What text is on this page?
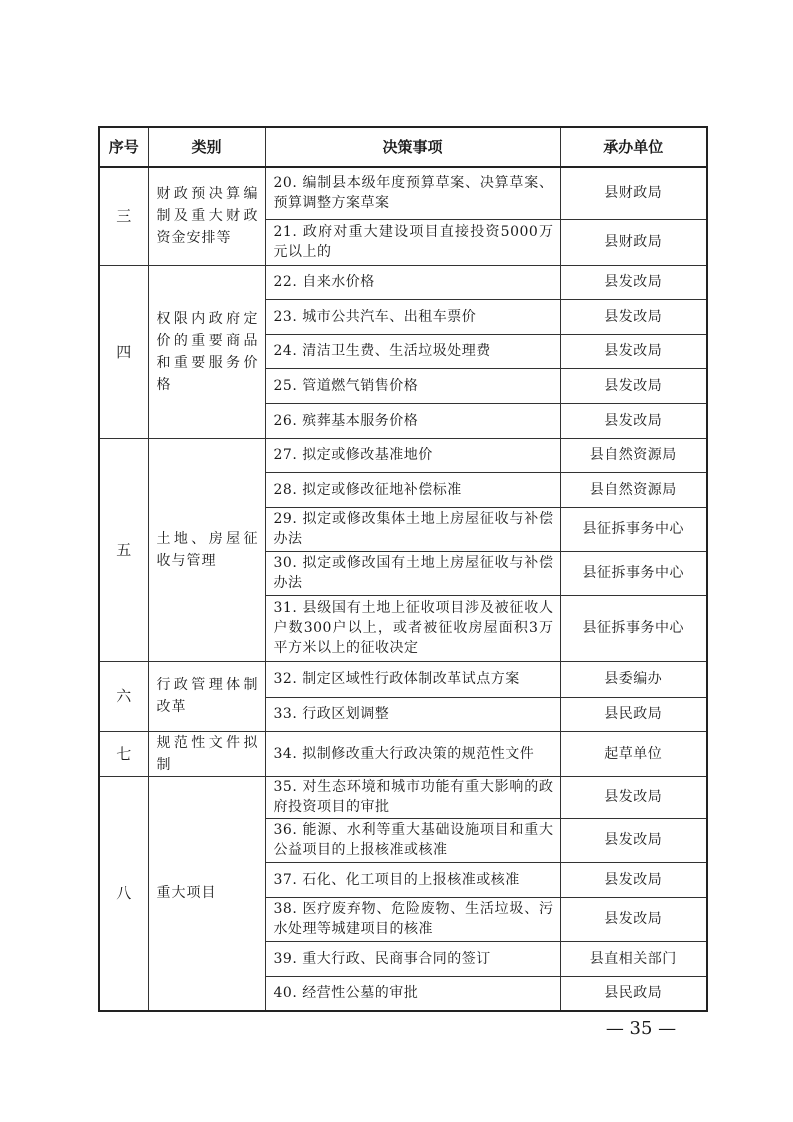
序号	类别	决策事项	承办单位
三	财政预决算编制及重大财政资金安排等	20. 编制县本级年度预算草案、决算草案、预算调整方案草案	县财政局
		21. 政府对重大建设项目直接投资5000万元以上的	县财政局
四	权限内政府定价的重要商品和重要服务价格	22. 自来水价格	县发改局
		23. 城市公共汽车、出租车票价	县发改局
		24. 清洁卫生费、生活垃圾处理费	县发改局
		25. 管道燃气销售价格	县发改局
		26. 殡葬基本服务价格	县发改局
五	土地、房屋征收与管理	27. 拟定或修改基准地价	县自然资源局
		28. 拟定或修改征地补偿标准	县自然资源局
		29. 拟定或修改集体土地上房屋征收与补偿办法	县征拆事务中心
		30. 拟定或修改国有土地上房屋征收与补偿办法	县征拆事务中心
		31. 县级国有土地上征收项目涉及被征收人户数300户以上，或者被征收房屋面积3万平方米以上的征收决定	县征拆事务中心
六	行政管理体制改革	32. 制定区域性行政体制改革试点方案	县委编办
		33. 行政区划调整	县民政局
七	规范性文件拟制	34. 拟制修改重大行政决策的规范性文件	起草单位
八	重大项目	35. 对生态环境和城市功能有重大影响的政府投资项目的审批	县发改局
		36. 能源、水利等重大基础设施项目和重大公益项目的上报核准或核准	县发改局
		37. 石化、化工项目的上报核准或核准	县发改局
		38. 医疗废弃物、危险废物、生活垃圾、污水处理等城建项目的核准	县发改局
		39. 重大行政、民商事合同的签订	县直相关部门
		40. 经营性公墓的审批	县民政局
— 35 —
